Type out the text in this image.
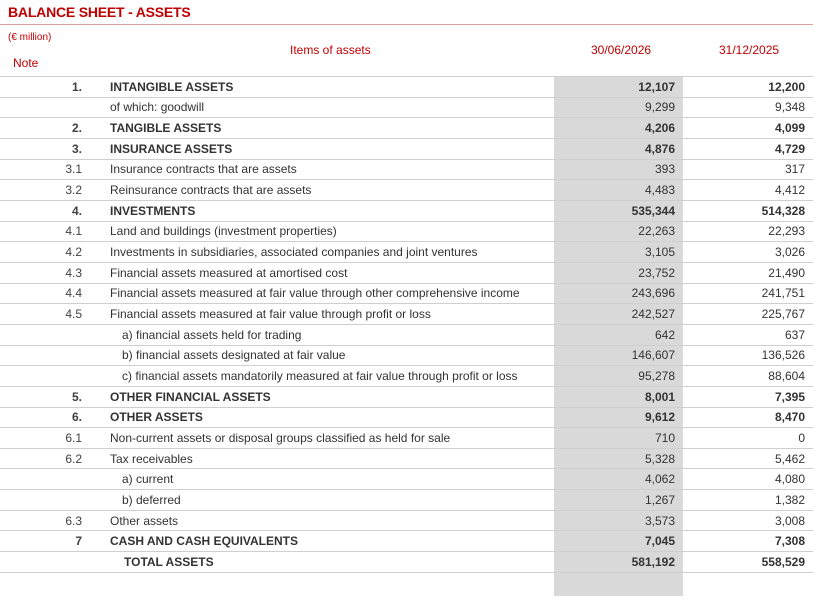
BALANCE SHEET - ASSETS
(€ million)
Note
Items of assets	30/06/2026	31/12/2025
1.		INTANGIBLE ASSETS	12,107	12,200
		of which: goodwill	9,299	9,348
2.		TANGIBLE ASSETS	4,206	4,099
3.		INSURANCE ASSETS	4,876	4,729
3.1		Insurance contracts that are assets	393	317
3.2		Reinsurance contracts that are assets	4,483	4,412
4.		INVESTMENTS	535,344	514,328
4.1		Land and buildings (investment properties)	22,263	22,293
4.2		Investments in subsidiaries, associated companies and joint ventures	3,105	3,026
4.3		Financial assets measured at amortised cost	23,752	21,490
4.4		Financial assets measured at fair value through other comprehensive income	243,696	241,751
4.5		Financial assets measured at fair value through profit or loss	242,527	225,767
		a) financial assets held for trading	642	637
		b) financial assets designated at fair value	146,607	136,526
		c) financial assets mandatorily measured at fair value through profit or loss	95,278	88,604
5.		OTHER FINANCIAL ASSETS	8,001	7,395
6.		OTHER ASSETS	9,612	8,470
6.1		Non-current assets or disposal groups classified as held for sale	710	0
6.2		Tax receivables	5,328	5,462
		a) current	4,062	4,080
		b) deferred	1,267	1,382
6.3		Other assets	3,573	3,008
7		CASH AND CASH EQUIVALENTS	7,045	7,308
		TOTAL ASSETS	581,192	558,529
